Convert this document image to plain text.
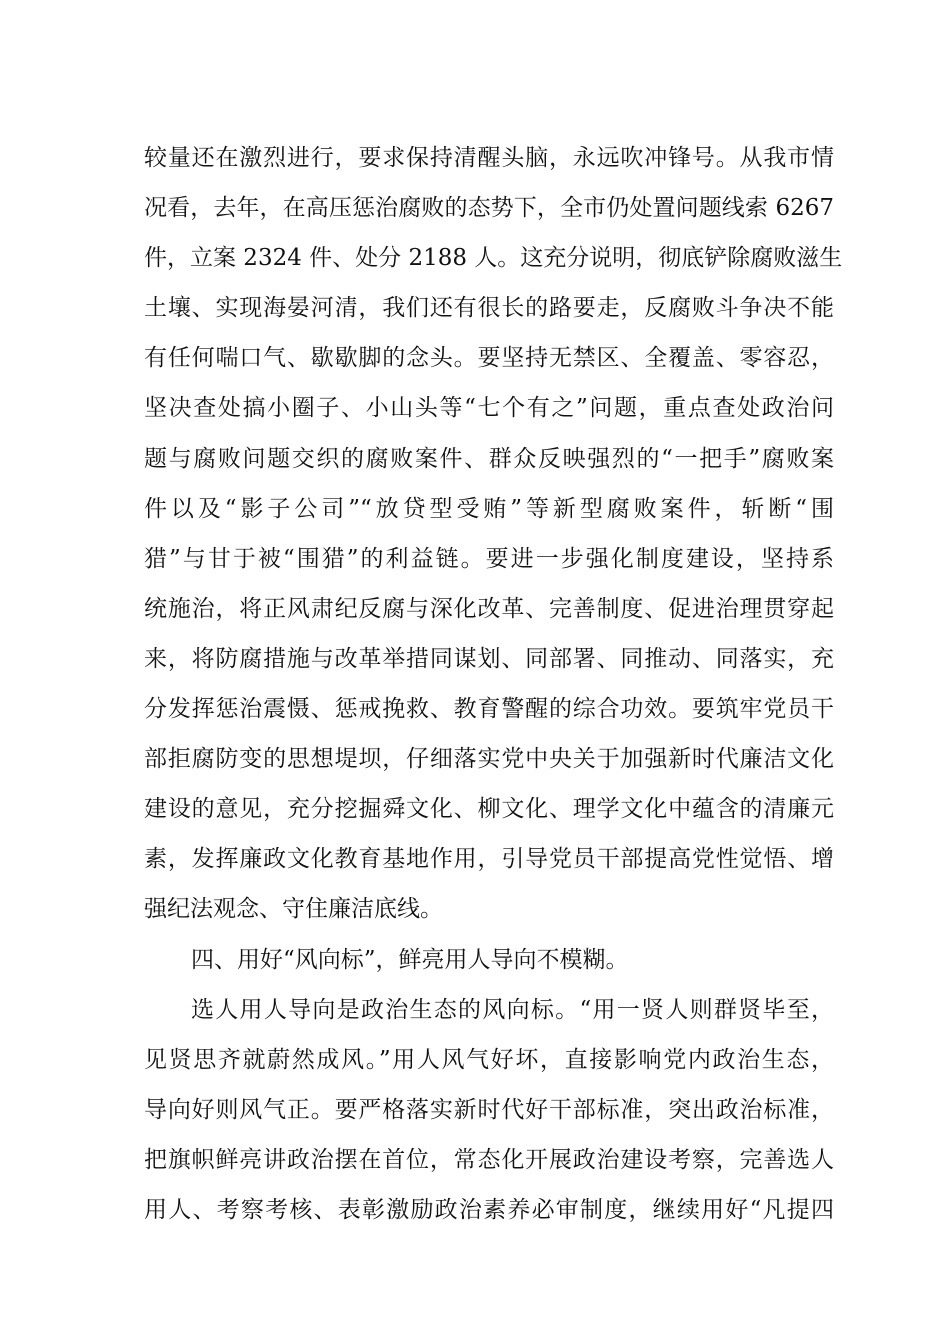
较量还在激烈进行，要求保持清醒头脑，永远吹冲锋号。从我市情
况看，去年，在高压惩治腐败的态势下，全市仍处置问题线索 6267
件，立案 2324 件、处分 2188 人。这充分说明，彻底铲除腐败滋生
土壤、实现海晏河清，我们还有很长的路要走，反腐败斗争决不能
有任何喘口气、歇歇脚的念头。要坚持无禁区、全覆盖、零容忍，
坚决查处搞小圈子、小山头等“七个有之”问题，重点查处政治问
题与腐败问题交织的腐败案件、群众反映强烈的“一把手”腐败案
件以及“影子公司”“放贷型受贿”等新型腐败案件，斩断“围
猎”与甘于被“围猎”的利益链。要进一步强化制度建设，坚持系
统施治，将正风肃纪反腐与深化改革、完善制度、促进治理贯穿起
来，将防腐措施与改革举措同谋划、同部署、同推动、同落实，充
分发挥惩治震慑、惩戒挽救、教育警醒的综合功效。要筑牢党员干
部拒腐防变的思想堤坝，仔细落实党中央关于加强新时代廉洁文化
建设的意见，充分挖掘舜文化、柳文化、理学文化中蕴含的清廉元
素，发挥廉政文化教育基地作用，引导党员干部提高党性觉悟、增
强纪法观念、守住廉洁底线。
四、用好“风向标”，鲜亮用人导向不模糊。
选人用人导向是政治生态的风向标。“用一贤人则群贤毕至，
见贤思齐就蔚然成风。”用人风气好坏，直接影响党内政治生态，
导向好则风气正。要严格落实新时代好干部标准，突出政治标准，
把旗帜鲜亮讲政治摆在首位，常态化开展政治建设考察，完善选人
用人、考察考核、表彰激励政治素养必审制度，继续用好“凡提四
